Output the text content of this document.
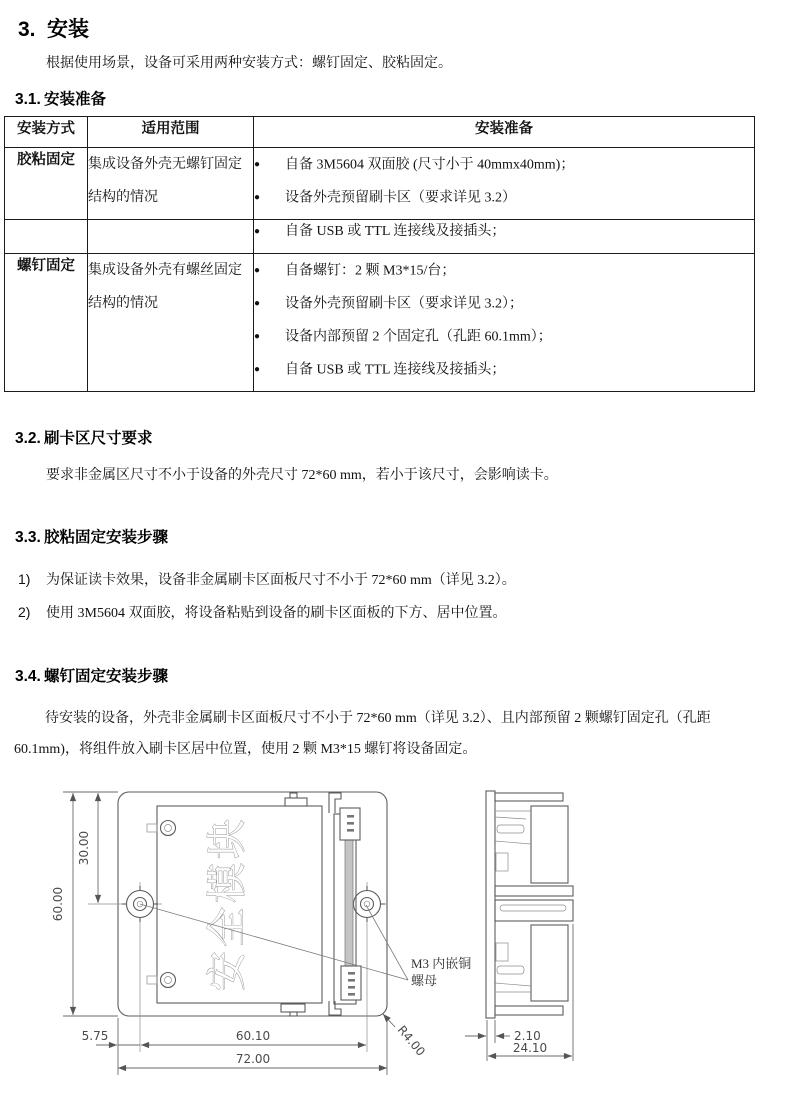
3. 安装

根据使用场景，设备可采用两种安装方式：螺钉固定、胶粘固定。

3.1. 安装准备
安装方式	适用范围	安装准备
胶粘固定	集成设备外壳无螺钉固定结构的情况	● 自备 3M5604 双面胶 (尺寸小于 40mmx40mm)；
● 设备外壳预留刷卡区（要求详见 3.2）

		● 自备 USB 或 TTL 连接线及接插头；

螺钉固定	集成设备外壳有螺丝固定结构的情况	● 自备螺钉：2 颗 M3*15/台；
● 设备外壳预留刷卡区（要求详见 3.2）；
● 设备内部预留 2 个固定孔（孔距 60.1mm）；
● 自备 USB 或 TTL 连接线及接插头；
3.2. 刷卡区尺寸要求

要求非金属区尺寸不小于设备的外壳尺寸 72*60 mm，若小于该尺寸，会影响读卡。

3.3. 胶粘固定安装步骤

1) 为保证读卡效果，设备非金属刷卡区面板尺寸不小于 72*60 mm（详见 3.2）。

2) 使用 3M5604 双面胶，将设备粘贴到设备的刷卡区面板的下方、居中位置。

3.4. 螺钉固定安装步骤

待安装的设备，外壳非金属刷卡区面板尺寸不小于 72*60 mm（详见 3.2）、且内部预留 2 颗螺钉固定孔（孔距 60.1mm)，将组件放入刷卡区居中位置，使用 2 颗 M3*15 螺钉将设备固定。

安全模块	M3 内嵌铜
螺母
60.00
30.00
5.75	60.10
72.00
R4.00	2.10
24.10
